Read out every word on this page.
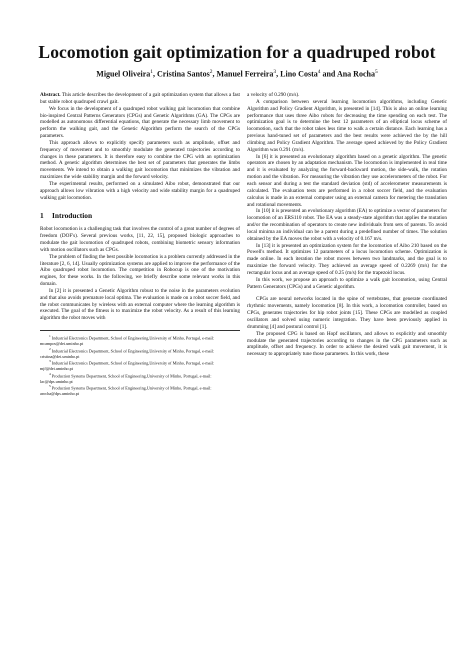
Locomotion gait optimization for a quadruped robot
Miguel Oliveira$^1$, Cristina Santos$^2$, Manuel Ferreira$^3$, Lino Costa$^4$ and Ana Rocha$^5$

Abstract. This article describes the development of a gait optimization system that allows a fast but stable robot quadruped crawl gait.

We focus in the development of a quadruped robot walking gait locomotion that combine bio-inspired Central Patterns Generators (CPGs) and Genetic Algorithms (GA). The CPGs are modelled as autonomous differential equations, that generate the necessary limb movement to perform the walking gait, and the Genetic Algorithm perform the search of the CPGs parameters.

This approach allows to explicitly specify parameters such as amplitude, offset and frequency of movement and to smoothly modulate the generated trajectories according to changes in these parameters. It is therefore easy to combine the CPG with an optimization method. A genetic algorithm determines the best set of parameters that generates the limbs movements. We intend to obtain a walking gait locomotion that minimizes the vibration and maximizes the wide stability margin and the forward velocity.

The experimental results, performed on a simulated Aibo robot, demonstrated that our approach allows low vibration with a high velocity and wide stability margin for a quadruped walking gait locomotion.

1 Introduction

Robot locomotion is a challenging task that involves the control of a great number of degrees of freedom (DOF's). Several previous works, [11, 22, 15], proposed biologic approaches to modulate the gait locomotion of quadruped robots, combining biometric sensory information with motion oscillators such as CPGs.

The problem of finding the best possible locomotion is a problem currently addressed in the literature [2, 6, 14]. Usually optimization systems are applied to improve the performance of the Aibo quadruped robot locomotion. The competition in Robocup is one of the motivation engines, for these works. In the following, we briefly describe some relevant works in this domain.

In [2] it is presented a Genetic Algorithm robust to the noise in the parameters evolution and that also avoids premature local optima. The evaluation is made on a robot soccer field, and the robot communicates by wireless with an external computer where the learning algorithm is executed. The goal of the fitness is to maximize the robot velocity. As a result of this learning algorithm the robot moves with

$^1$ Industrial Electronics Department, School of Engineering,University of Minho, Portugal, e-mail: mcampos@dei.uminho.pt

$^2$ Industrial Electronics Department, School of Engineering,University of Minho, Portugal, e-mail: cristina@dei.uminho.pt

$^3$ Industrial Electronics Department, School of Engineering,University of Minho, Portugal, e-mail: mjf@dei.uminho.pt

$^4$ Production Systems Department, School of Engineering,University of Minho, Portugal, e-mail: lac@dps.uminho.pt

$^5$ Production Systems Department, School of Engineering,University of Minho, Portugal, e-mail: arocha@dps.uminho.pt

a velocity of 0.290 (m/s).

A comparison between several learning locomotion algorithms, including Genetic Algorithm and Policy Gradient Algorithm, is presented in [14]. This is also an online learning performance that uses three Aibo robots for decreasing the time spending on each test. The optimization goal is to determine the best 12 parameters of an elliptical locus scheme of locomotion, such that the robot takes less time to walk a certain distance. Each learning has a previous hand-tuned set of parameters and the best results were achieved the by the hill climbing and Policy Gradient Algorithm. The average speed achieved by the Policy Gradient Algorithm was 0.291 (m/s).

In [6] it is presented an evolutionary algorithm based on a genetic algorithm. The genetic operators are chosen by an adaptation mechanism. The locomotion is implemented in real time and it is evaluated by analyzing the forward-backward motion, the side-walk, the rotation motion and the vibration. For measuring the vibration they use accelerometers of the robot. For each sensor and during a test the standard deviation (std) of accelerometer measurements is calculated. The evaluation tests are performed in a robot soccer field, and the evaluation calculus is made in an external computer using an external camera for metering the translation and rotational movements.

In [10] it is presented an evolutionary algorithm (EA) to optimize a vector of parameters for locomotion of an ERS110 robot. The EA was a steady-state algorithm that applies the mutation and/or the recombination of operators to create new individuals from sets of parents. To avoid local minima an individual can be a parent during a predefined number of times. The solution obtained by the EA moves the robot with a velocity of 0.167 m/s.

In [13] it is presented an optimization system for the locomotion of Aibo 210 based on the Powell's method. It optimizes 12 parameters of a locus locomotion scheme. Optimization is made online. In each iteration the robot moves between two landmarks, and the goal is to maximize the forward velocity. They achieved an average speed of 0.2269 (m/s) for the rectangular locus and an average speed of 0.25 (m/s) for the trapezoid locus.

In this work, we propose an approach to optimize a walk gait locomotion, using Central Pattern Generators (CPGs) and a Genetic algorithm.

CPGs are neural networks located in the spine of vertebrates, that generate coordinated rhythmic movements, namely locomotion [8]. In this work, a locomotion controller, based on CPGs, generates trajectories for hip robot joints [15]. These CPGs are modelled as coupled oscillators and solved using numeric integration. They have been previously applied in drumming [4] and postural control [1].

The proposed CPG is based on Hopf oscillators, and allows to explicitly and smoothly modulate the generated trajectories according to changes in the CPG parameters such as amplitude, offset and frequency. In order to achieve the desired walk gait movement, it is necessary to appropriately tune those parameters. In this work, these
